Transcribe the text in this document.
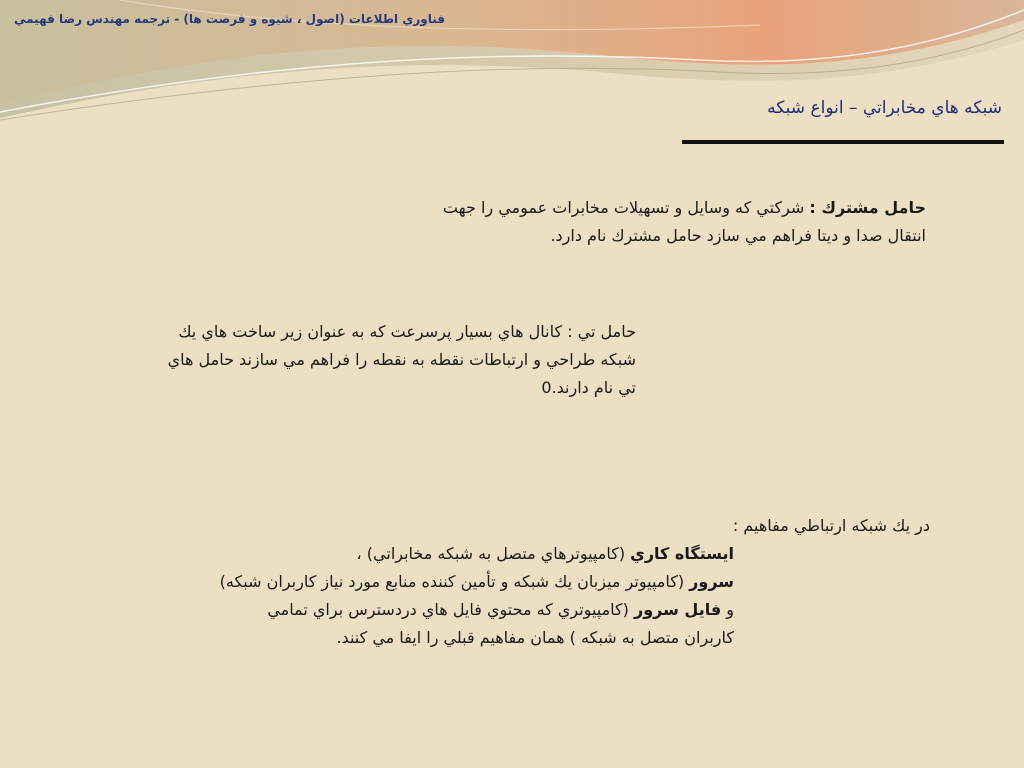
فناوري اطلاعات (اصول ، شيوه و فرصت ها) - ترجمه مهندس رضا فهيمي
شبكه هاي مخابراتي – انواع شبكه
حامل مشترك : شركتي كه وسايل و تسهيلات مخابرات عمومي را جهت
انتقال صدا و ديتا فراهم مي سازد حامل مشترك نام دارد.
حامل تي : كانال هاي بسيار پرسرعت كه به عنوان زير ساخت هاي يك
شبكه طراحي و ارتباطات نقطه به نقطه را فراهم مي سازند حامل هاي
تي نام دارند.0
در يك شبكه ارتباطي مفاهيم :
ايستگاه كاري (كامپيوترهاي متصل به شبكه مخابراتي) ،
سرور (كامپيوتر ميزبان يك شبكه و تأمين كننده منابع مورد نياز كاربران شبكه)
و فايل سرور (كامپيوتري كه محتوي فايل هاي دردسترس براي تمامي
كاربران متصل به شبكه ) همان مفاهيم قبلي را ايفا مي كنند.
